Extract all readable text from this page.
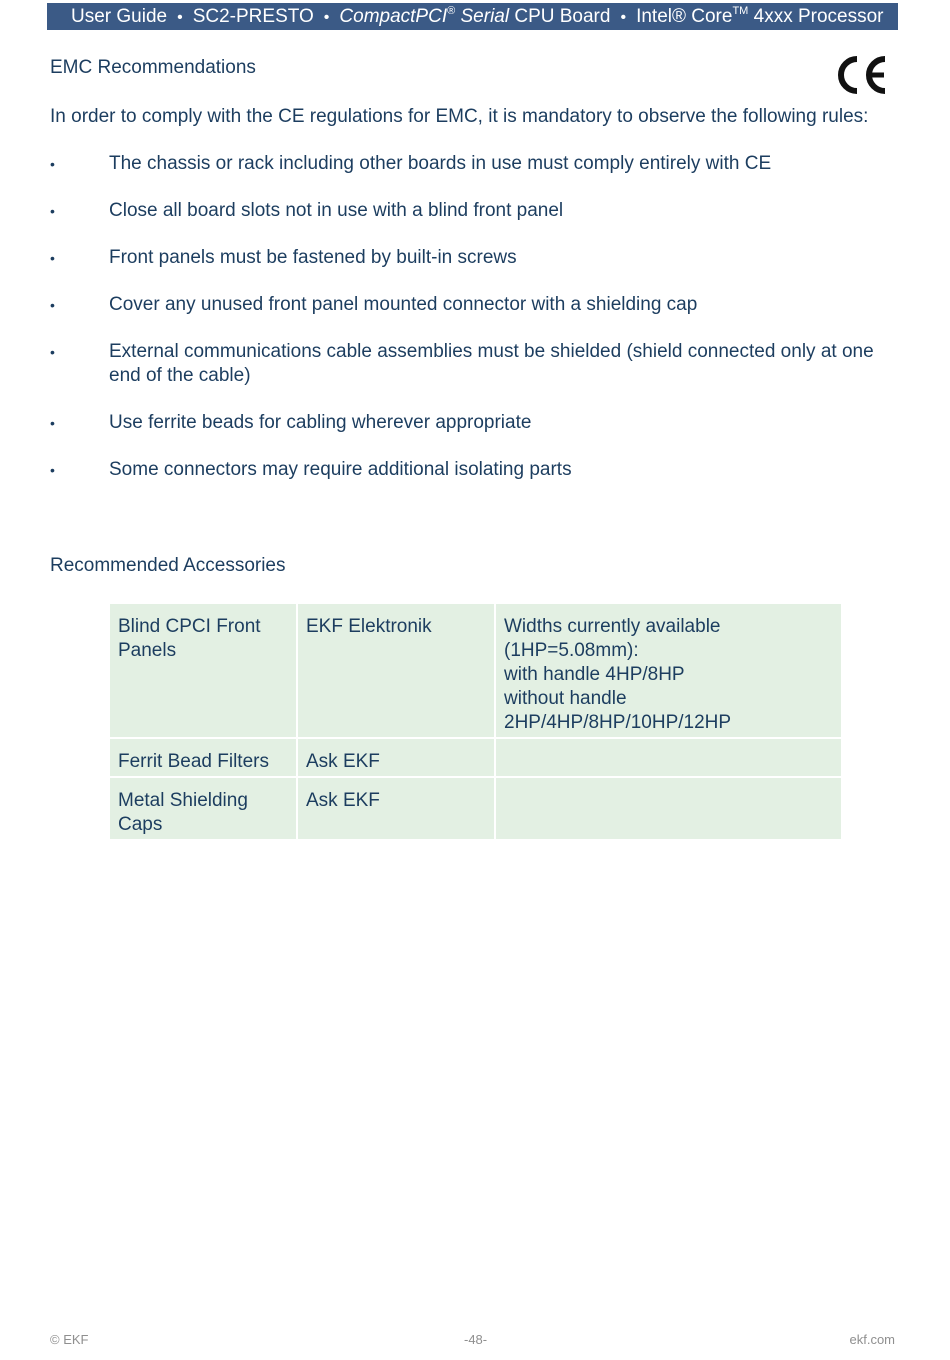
User Guide • SC2-PRESTO • CompactPCI® Serial CPU Board • Intel® Core™ 4xxx Processor
EMC Recommendations

In order to comply with the CE regulations for EMC, it is mandatory to observe the following rules:

•	The chassis or rack including other boards in use must comply entirely with CE
•	Close all board slots not in use with a blind front panel
•	Front panels must be fastened by built-in screws
•	Cover any unused front panel mounted connector with a shielding cap
•	External communications cable assemblies must be shielded (shield connected only at one end of the cable)
•	Use ferrite beads for cabling wherever appropriate
•	Some connectors may require additional isolating parts
Recommended Accessories
Blind CPCI Front Panels	EKF Elektronik	Widths currently available
(1HP=5.08mm):
with handle 4HP/8HP
without handle
2HP/4HP/8HP/10HP/12HP

Ferrit Bead Filters	Ask EKF	
Metal Shielding Caps	Ask EKF	
© EKF	-48-	ekf.com
